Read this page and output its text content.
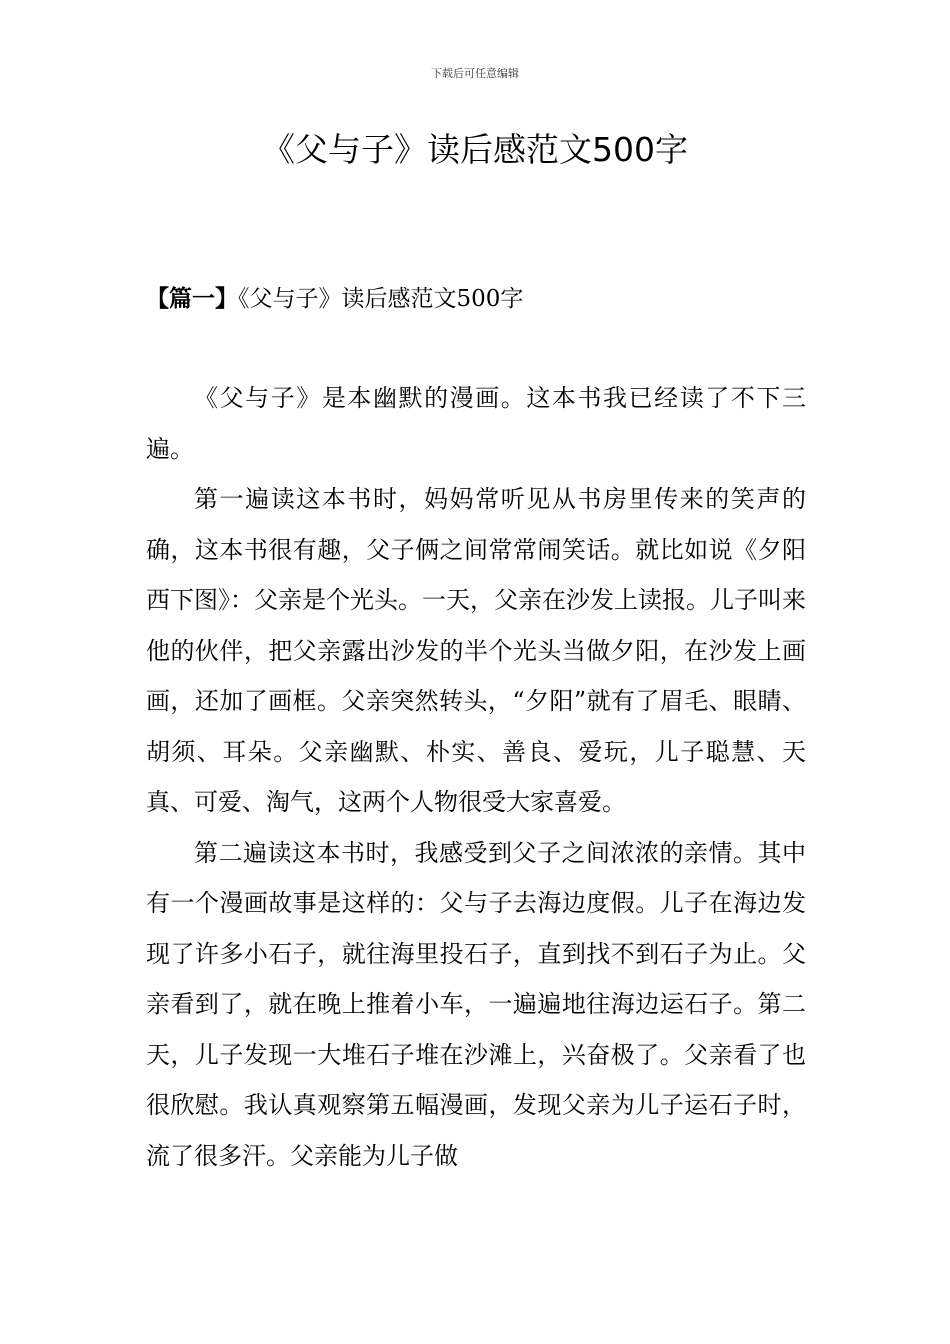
下载后可任意编辑
《父与子》读后感范文500字
【篇一】《父与子》读后感范文500字

《父与子》是本幽默的漫画。这本书我已经读了不下三遍。

第一遍读这本书时，妈妈常听见从书房里传来的笑声的确，这本书很有趣，父子俩之间常常闹笑话。就比如说《夕阳西下图》：父亲是个光头。一天，父亲在沙发上读报。儿子叫来他的伙伴，把父亲露出沙发的半个光头当做夕阳，在沙发上画画，还加了画框。父亲突然转头，“夕阳”就有了眉毛、眼睛、胡须、耳朵。父亲幽默、朴实、善良、爱玩，儿子聪慧、天真、可爱、淘气，这两个人物很受大家喜爱。

第二遍读这本书时，我感受到父子之间浓浓的亲情。其中有一个漫画故事是这样的：父与子去海边度假。儿子在海边发现了许多小石子，就往海里投石子，直到找不到石子为止。父亲看到了，就在晚上推着小车，一遍遍地往海边运石子。第二天，儿子发现一大堆石子堆在沙滩上，兴奋极了。父亲看了也很欣慰。我认真观察第五幅漫画，发现父亲为儿子运石子时，流了很多汗。父亲能为儿子做
